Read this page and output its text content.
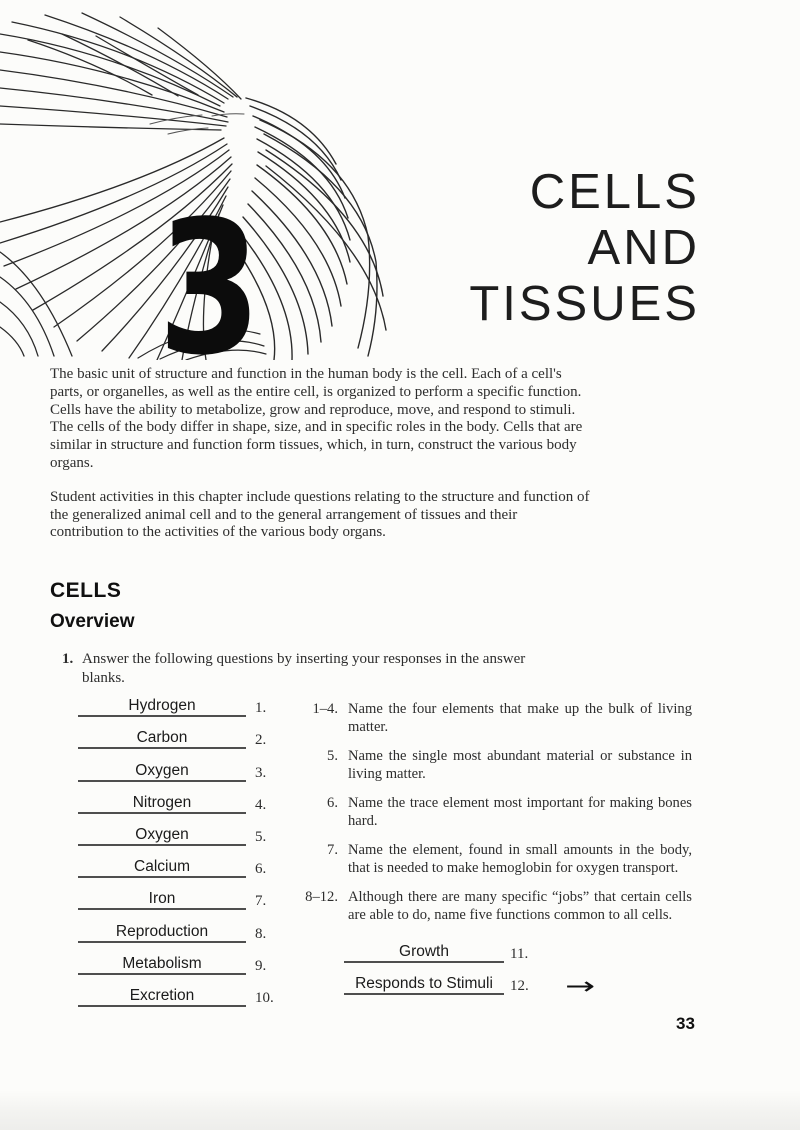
3	CELLS
AND
TISSUES

The basic unit of structure and function in the human body is the cell. Each of a cell's parts, or organelles, as well as the entire cell, is organized to perform a specific function. Cells have the ability to metabolize, grow and reproduce, move, and respond to stimuli. The cells of the body differ in shape, size, and in specific roles in the body. Cells that are similar in structure and function form tissues, which, in turn, construct the various body organs.

Student activities in this chapter include questions relating to the structure and function of the generalized animal cell and to the general arrangement of tissues and their contribution to the activities of the various body organs.

CELLS
Overview
1. Answer the following questions by inserting your responses in the answer blanks.
Hydrogen	1.
Carbon	2.
Oxygen	3.
Nitrogen	4.
Oxygen	5.
Calcium	6.
Iron	7.
Reproduction	8.
Metabolism	9.
Excretion	10.
1–4. Name the four elements that make up the bulk of living matter.
5. Name the single most abundant material or substance in living matter.
6. Name the trace element most important for making bones hard.
7. Name the element, found in small amounts in the body, that is needed to make hemoglobin for oxygen transport.
8–12. Although there are many specific “jobs” that certain cells are able to do, name five functions common to all cells.
Growth	11.
Responds to Stimuli	12. →
33
